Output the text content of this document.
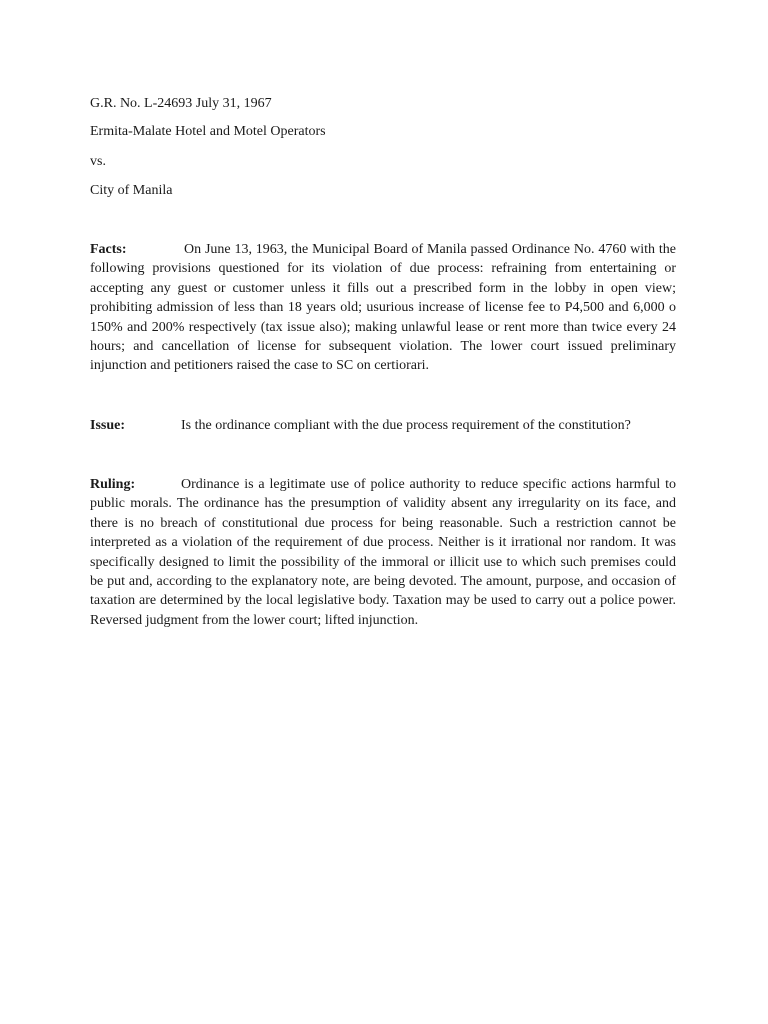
G.R. No. L-24693 July 31, 1967
Ermita-Malate Hotel and Motel Operators
vs.
City of Manila
Facts:	On June 13, 1963, the Municipal Board of Manila passed Ordinance No. 4760 with the following provisions questioned for its violation of due process: refraining from entertaining or accepting any guest or customer unless it fills out a prescribed form in the lobby in open view; prohibiting admission of less than 18 years old; usurious increase of license fee to P4,500 and 6,000 o 150% and 200% respectively (tax issue also); making unlawful lease or rent more than twice every 24 hours; and cancellation of license for subsequent violation. The lower court issued preliminary injunction and petitioners raised the case to SC on certiorari.
Issue:	Is the ordinance compliant with the due process requirement of the constitution?
Ruling:	Ordinance is a legitimate use of police authority to reduce specific actions harmful to public morals. The ordinance has the presumption of validity absent any irregularity on its face, and there is no breach of constitutional due process for being reasonable. Such a restriction cannot be interpreted as a violation of the requirement of due process. Neither is it irrational nor random. It was specifically designed to limit the possibility of the immoral or illicit use to which such premises could be put and, according to the explanatory note, are being devoted. The amount, purpose, and occasion of taxation are determined by the local legislative body. Taxation may be used to carry out a police power. Reversed judgment from the lower court; lifted injunction.
